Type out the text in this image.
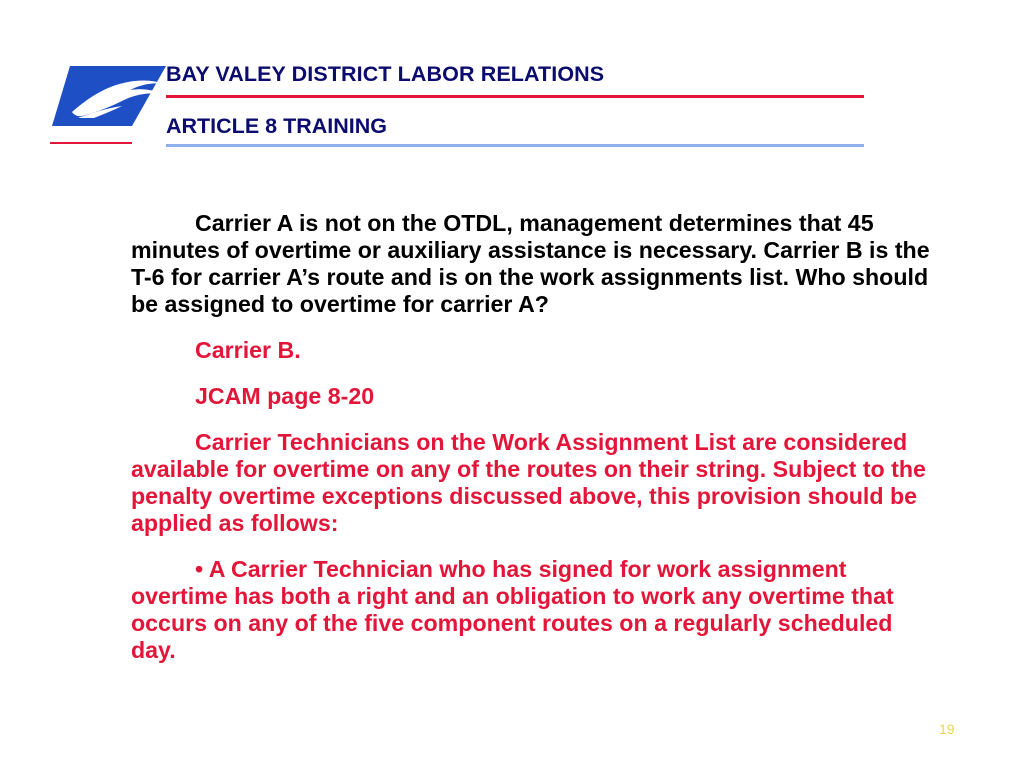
BAY VALEY DISTRICT LABOR RELATIONS
ARTICLE 8 TRAINING

Carrier A is not on the OTDL, management determines that 45 minutes of overtime or auxiliary assistance is necessary. Carrier B is the T-6 for carrier A’s route and is on the work assignments list. Who should be assigned to overtime for carrier A?

Carrier B.

JCAM page 8-20

Carrier Technicians on the Work Assignment List are considered available for overtime on any of the routes on their string. Subject to the penalty overtime exceptions discussed above, this provision should be applied as follows:

• A Carrier Technician who has signed for work assignment overtime has both a right and an obligation to work any overtime that occurs on any of the five component routes on a regularly scheduled day.

19
